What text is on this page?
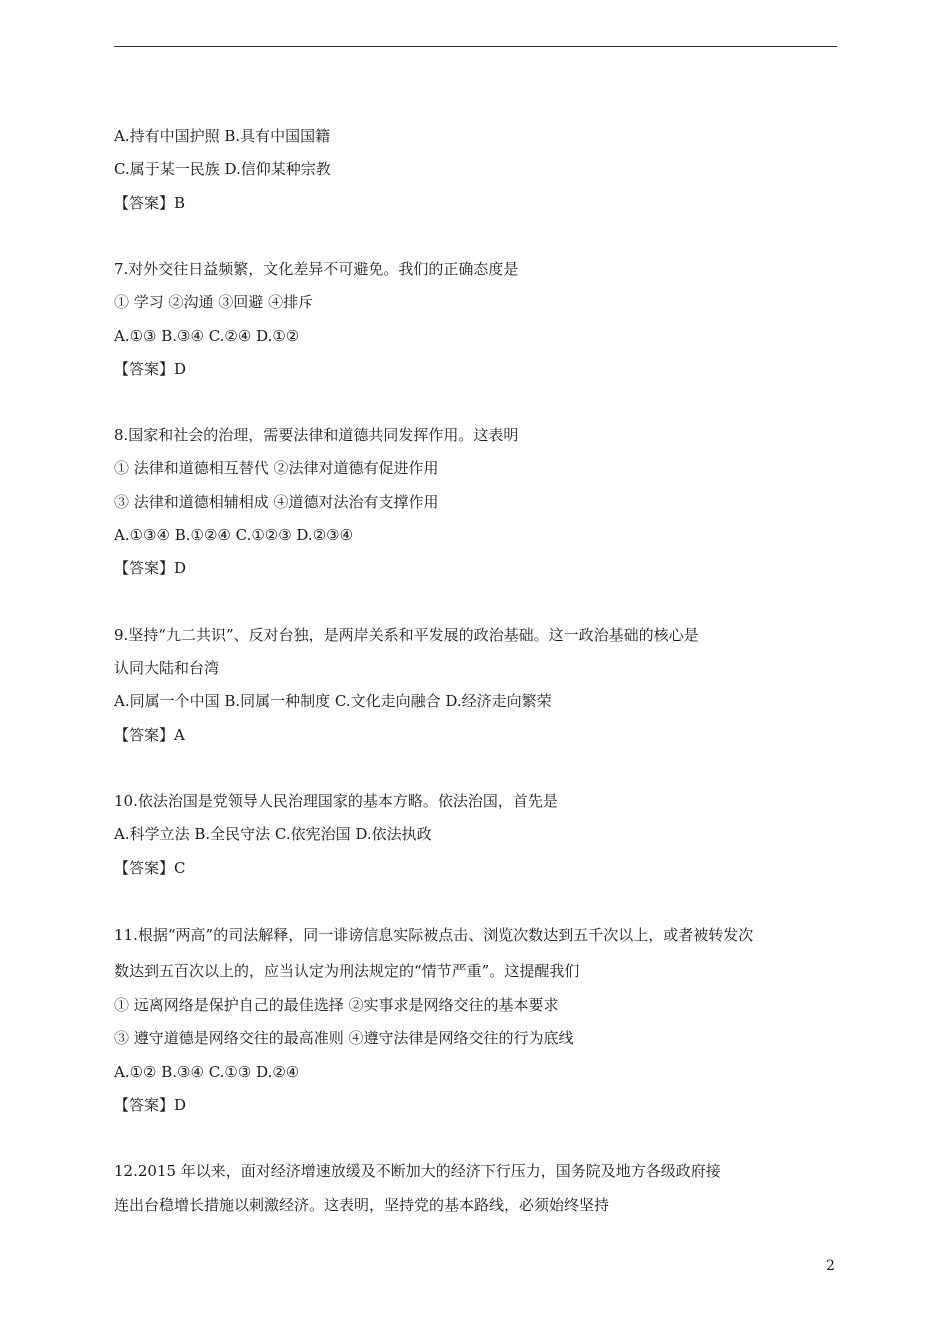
A.持有中国护照 B.具有中国国籍
C.属于某一民族 D.信仰某种宗教
【答案】B
7.对外交往日益频繁，文化差异不可避免。我们的正确态度是
① 学习 ②沟通 ③回避 ④排斥
A.①③ B.③④ C.②④ D.①②
【答案】D
8.国家和社会的治理，需要法律和道德共同发挥作用。这表明
① 法律和道德相互替代 ②法律对道德有促进作用
③ 法律和道德相辅相成 ④道德对法治有支撑作用
A.①③④ B.①②④ C.①②③ D.②③④
【答案】D
9.坚持“九二共识”、反对台独，是两岸关系和平发展的政治基础。这一政治基础的核心是
认同大陆和台湾
A.同属一个中国 B.同属一种制度 C.文化走向融合 D.经济走向繁荣
【答案】A
10.依法治国是党领导人民治理国家的基本方略。依法治国，首先是
A.科学立法 B.全民守法 C.依宪治国 D.依法执政
【答案】C
11.根据“两高”的司法解释，同一诽谤信息实际被点击、浏览次数达到五千次以上，或者被转发次
数达到五百次以上的，应当认定为刑法规定的“情节严重”。这提醒我们
① 远离网络是保护自己的最佳选择 ②实事求是网络交往的基本要求
③ 遵守道德是网络交往的最高准则 ④遵守法律是网络交往的行为底线
A.①② B.③④ C.①③ D.②④
【答案】D
12.2015 年以来，面对经济增速放缓及不断加大的经济下行压力，国务院及地方各级政府接
连出台稳增长措施以刺激经济。这表明，坚持党的基本路线，必须始终坚持
2
